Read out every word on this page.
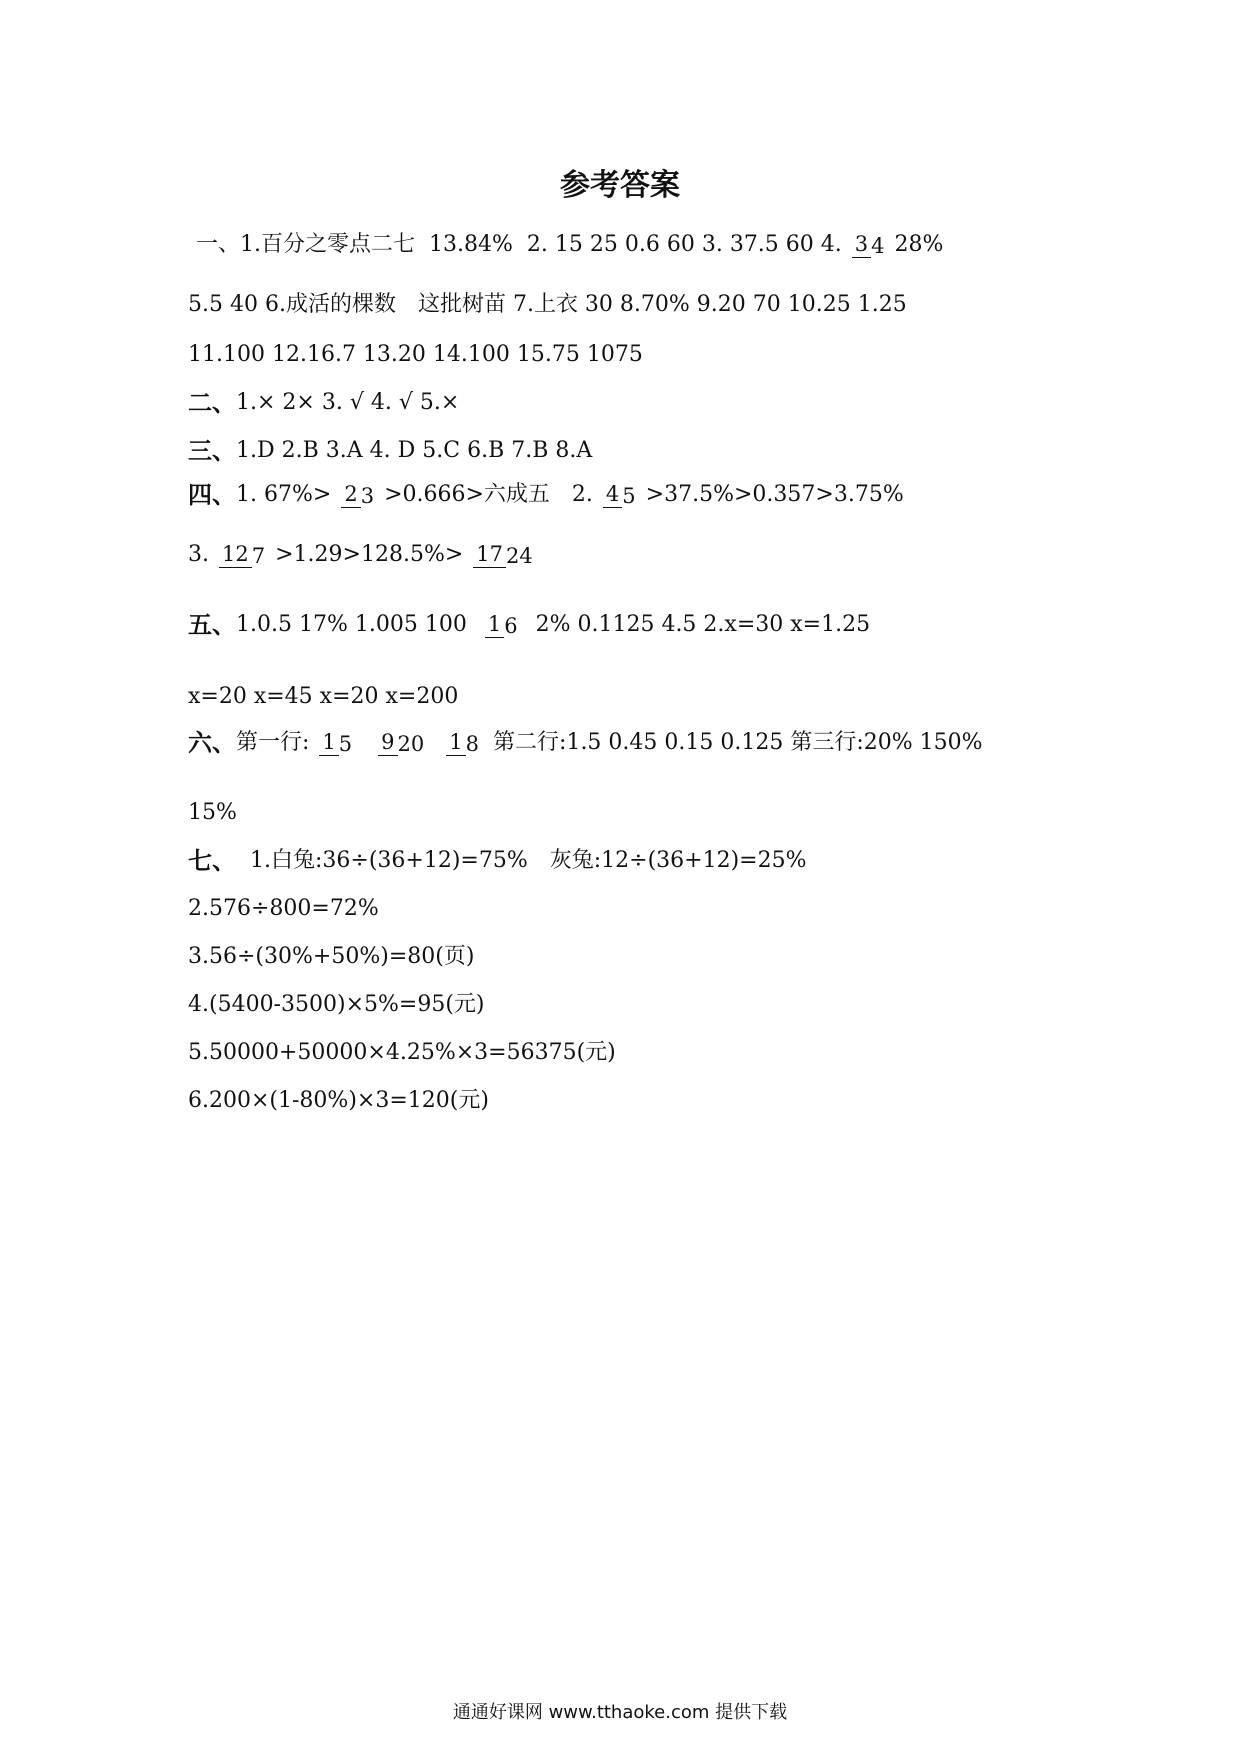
参考答案
一、1.百分之零点二七 13.84% 2. 15 25 0.6 60 3. 37.5 60 4. 3 4 28%
5.5 40 6.成活的棵数　这批树苗 7.上衣 30 8.70% 9.20 70 10.25 1.25
11.100 12.16.7 13.20 14.100 15.75 1075
二、1.× 2× 3. √ 4. √ 5.×
三、1.D 2.B 3.A 4. D 5.C 6.B 7.B 8.A
四、1. 67%> 2 3 >0.666>六成五　2. 4 5 >37.5%>0.357>3.75%
3. 12 7 >1.29>128.5%> 17 24
五、1.0.5 17% 1.005 100 1 6 2% 0.1125 4.5 2.x=30 x=1.25
x=20 x=45 x=20 x=200
六、第一行: 1 5 9 20 1 8 第二行:1.5 0.45 0.15 0.125 第三行:20% 150%
15%
七、 1.白兔:36÷(36+12)=75%　灰兔:12÷(36+12)=25%
2.576÷800=72%
3.56÷(30%+50%)=80(页)
4.(5400-3500)×5%=95(元)
5.50000+50000×4.25%×3=56375(元)
6.200×(1-80%)×3=120(元)
通通好课网 www.tthaoke.com 提供下载
